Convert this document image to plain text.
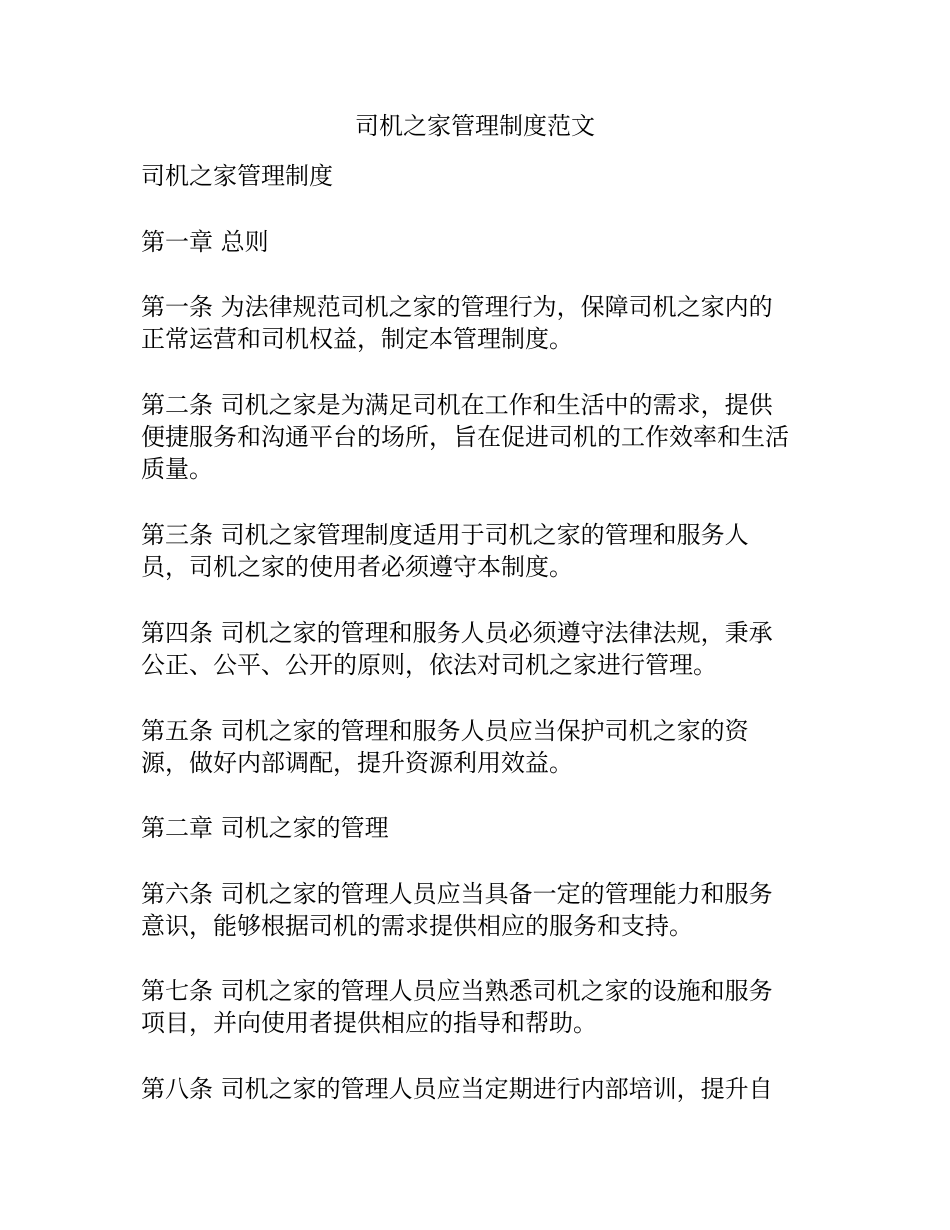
司机之家管理制度范文
司机之家管理制度
第一章 总则
第一条 为法律规范司机之家的管理行为，保障司机之家内的
正常运营和司机权益，制定本管理制度。
第二条 司机之家是为满足司机在工作和生活中的需求，提供
便捷服务和沟通平台的场所，旨在促进司机的工作效率和生活
质量。
第三条 司机之家管理制度适用于司机之家的管理和服务人
员，司机之家的使用者必须遵守本制度。
第四条 司机之家的管理和服务人员必须遵守法律法规，秉承
公正、公平、公开的原则，依法对司机之家进行管理。
第五条 司机之家的管理和服务人员应当保护司机之家的资
源，做好内部调配，提升资源利用效益。
第二章 司机之家的管理
第六条 司机之家的管理人员应当具备一定的管理能力和服务
意识，能够根据司机的需求提供相应的服务和支持。
第七条 司机之家的管理人员应当熟悉司机之家的设施和服务
项目，并向使用者提供相应的指导和帮助。
第八条 司机之家的管理人员应当定期进行内部培训，提升自
